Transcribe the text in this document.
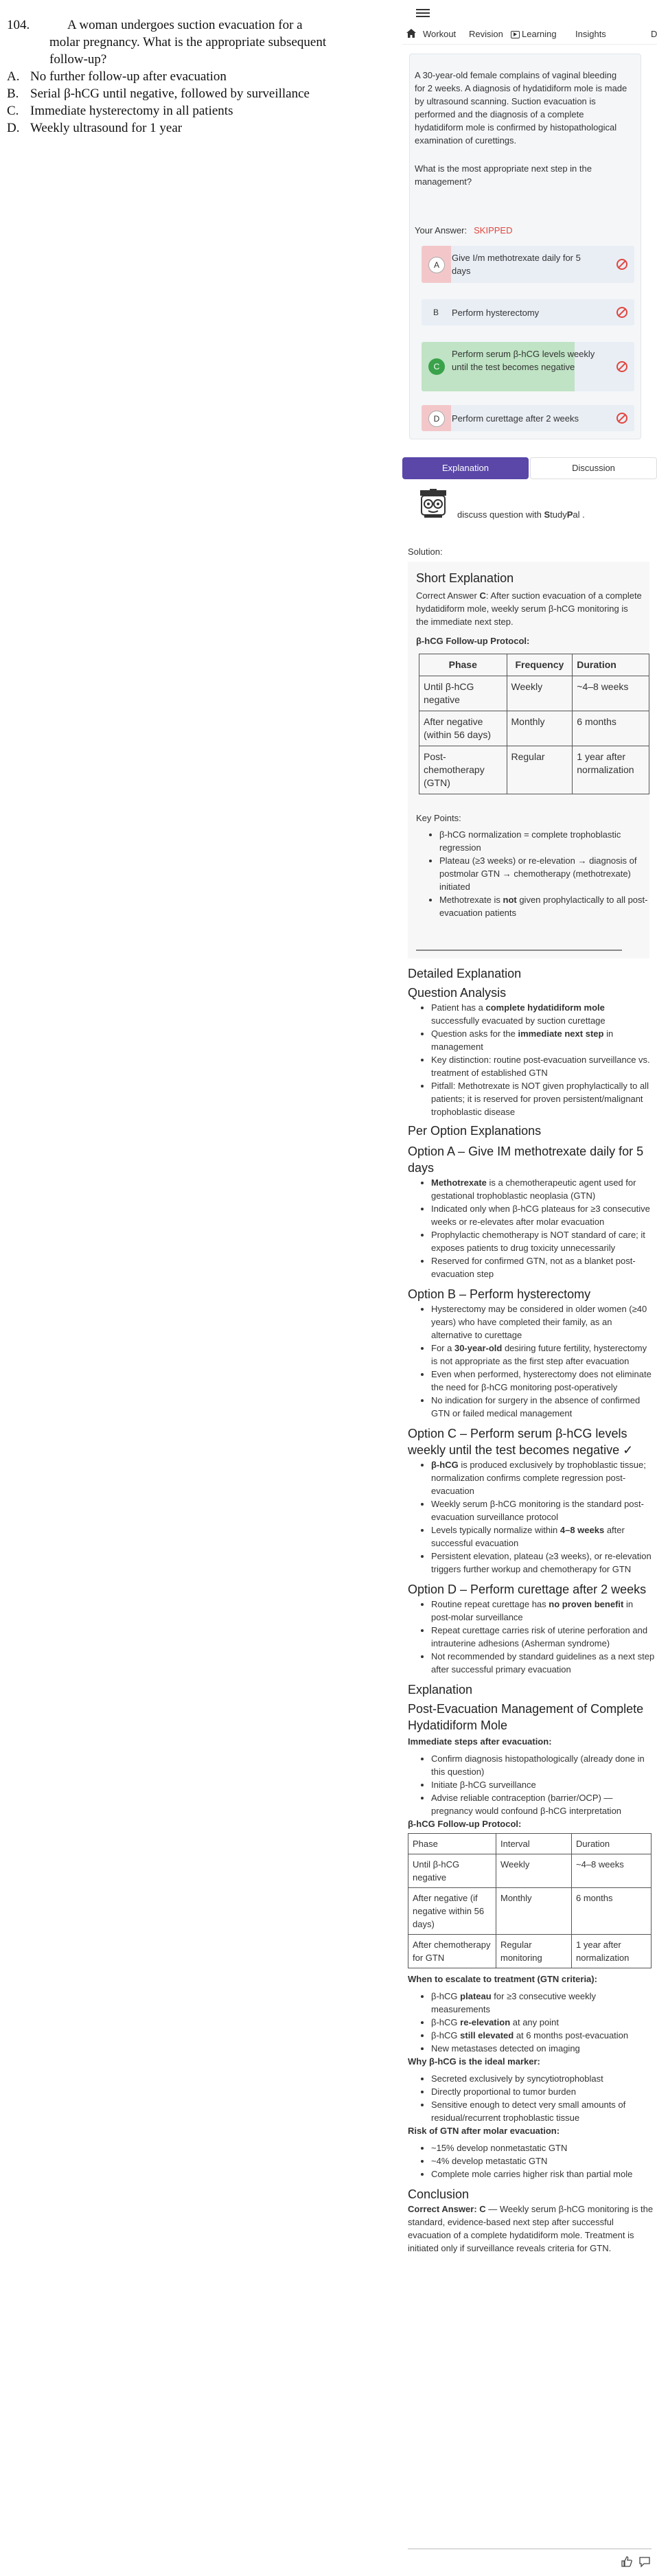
104.	A woman undergoes suction evacuation for a
molar pregnancy. What is the appropriate subsequent
follow-up?
A. No further follow-up after evacuation
B. Serial β-hCG until negative, followed by surveillance
C. Immediate hysterectomy in all patients
D. Weekly ultrasound for 1 year
Workout Revision	Learning Insights	D
A 30-year-old female complains of vaginal bleeding for 2 weeks. A diagnosis of hydatidiform mole is made by ultrasound scanning. Suction evacuation is performed and the diagnosis of a complete hydatidiform mole is confirmed by histopathological examination of curettings.
What is the most appropriate next step in the management?
Your Answer: SKIPPED
A
Give I/m methotrexate daily for 5 days
B	Perform hysterectomy
C
Perform serum β-hCG levels weekly until the test becomes negative
D	Perform curettage after 2 weeks
Explanation	Discussion
discuss question with StudyPal .
Solution:
Short Explanation
Correct Answer C: After suction evacuation of a complete hydatidiform mole, weekly serum β-hCG monitoring is the immediate next step.
β-hCG Follow-up Protocol:
Phase	Frequency	Duration
Until β-hCG negative	Weekly	~4–8 weeks
After negative (within 56 days)	Monthly	6 months
Post-chemotherapy (GTN)	Regular	1 year after normalization
Key Points:
• β-hCG normalization = complete trophoblastic regression
• Plateau (≥3 weeks) or re-elevation → diagnosis of postmolar GTN → chemotherapy (methotrexate) initiated
• Methotrexate is not given prophylactically to all post-evacuation patients
Detailed Explanation
Question Analysis
• Patient has a complete hydatidiform mole successfully evacuated by suction curettage
• Question asks for the immediate next step in management
• Key distinction: routine post-evacuation surveillance vs. treatment of established GTN
• Pitfall: Methotrexate is NOT given prophylactically to all patients; it is reserved for proven persistent/malignant trophoblastic disease
Per Option Explanations
Option A – Give IM methotrexate daily for 5 days
• Methotrexate is a chemotherapeutic agent used for gestational trophoblastic neoplasia (GTN)
• Indicated only when β-hCG plateaus for ≥3 consecutive weeks or re-elevates after molar evacuation
• Prophylactic chemotherapy is NOT standard of care; it exposes patients to drug toxicity unnecessarily
• Reserved for confirmed GTN, not as a blanket post-evacuation step
Option B – Perform hysterectomy
• Hysterectomy may be considered in older women (≥40 years) who have completed their family, as an alternative to curettage
• For a 30-year-old desiring future fertility, hysterectomy is not appropriate as the first step after evacuation
• Even when performed, hysterectomy does not eliminate the need for β-hCG monitoring post-operatively
• No indication for surgery in the absence of confirmed GTN or failed medical management
Option C – Perform serum β-hCG levels weekly until the test becomes negative ✓
• β-hCG is produced exclusively by trophoblastic tissue; normalization confirms complete regression post-evacuation
• Weekly serum β-hCG monitoring is the standard post-evacuation surveillance protocol
• Levels typically normalize within 4–8 weeks after successful evacuation
• Persistent elevation, plateau (≥3 weeks), or re-elevation triggers further workup and chemotherapy for GTN
Option D – Perform curettage after 2 weeks
• Routine repeat curettage has no proven benefit in post-molar surveillance
• Repeat curettage carries risk of uterine perforation and intrauterine adhesions (Asherman syndrome)
• Not recommended by standard guidelines as a next step after successful primary evacuation
Explanation
Post-Evacuation Management of Complete Hydatidiform Mole
Immediate steps after evacuation:
• Confirm diagnosis histopathologically (already done in this question)
• Initiate β-hCG surveillance
• Advise reliable contraception (barrier/OCP) — pregnancy would confound β-hCG interpretation
β-hCG Follow-up Protocol:
Phase	Interval	Duration
Until β-hCG negative	Weekly	~4–8 weeks
After negative (if negative within 56 days)	Monthly	6 months
After chemotherapy for GTN	Regular monitoring	1 year after normalization
When to escalate to treatment (GTN criteria):
• β-hCG plateau for ≥3 consecutive weekly measurements
• β-hCG re-elevation at any point
• β-hCG still elevated at 6 months post-evacuation
• New metastases detected on imaging
Why β-hCG is the ideal marker:
• Secreted exclusively by syncytiotrophoblast
• Directly proportional to tumor burden
• Sensitive enough to detect very small amounts of residual/recurrent trophoblastic tissue
Risk of GTN after molar evacuation:
• ~15% develop nonmetastatic GTN
• ~4% develop metastatic GTN
• Complete mole carries higher risk than partial mole
Conclusion
Correct Answer: C — Weekly serum β-hCG monitoring is the standard, evidence-based next step after successful evacuation of a complete hydatidiform mole. Treatment is initiated only if surveillance reveals criteria for GTN.
